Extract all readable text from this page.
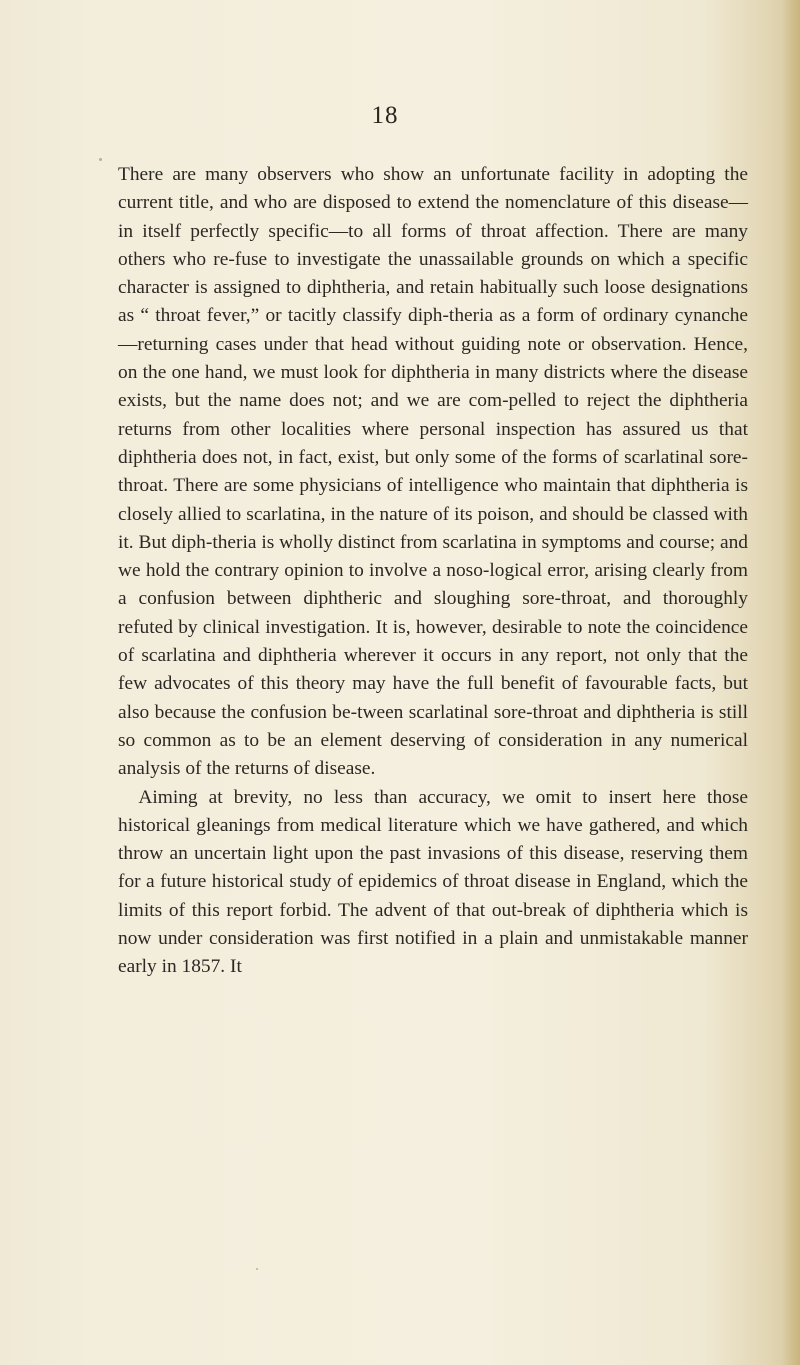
18

There are many observers who show an unfortunate facility in adopting the current title, and who are disposed to extend the nomenclature of this disease—in itself perfectly specific—to all forms of throat affection. There are many others who re-fuse to investigate the unassailable grounds on which a specific character is assigned to diphtheria, and retain habitually such loose designations as “ throat fever,” or tacitly classify diph-theria as a form of ordinary cynanche—returning cases under that head without guiding note or observation. Hence, on the one hand, we must look for diphtheria in many districts where the disease exists, but the name does not; and we are com-pelled to reject the diphtheria returns from other localities where personal inspection has assured us that diphtheria does not, in fact, exist, but only some of the forms of scarlatinal sore-throat. There are some physicians of intelligence who maintain that diphtheria is closely allied to scarlatina, in the nature of its poison, and should be classed with it. But diph-theria is wholly distinct from scarlatina in symptoms and course; and we hold the contrary opinion to involve a noso-logical error, arising clearly from a confusion between diphtheric and sloughing sore-throat, and thoroughly refuted by clinical investigation. It is, however, desirable to note the coincidence of scarlatina and diphtheria wherever it occurs in any report, not only that the few advocates of this theory may have the full benefit of favourable facts, but also because the confusion be-tween scarlatinal sore-throat and diphtheria is still so common as to be an element deserving of consideration in any numerical analysis of the returns of disease.

Aiming at brevity, no less than accuracy, we omit to insert here those historical gleanings from medical literature which we have gathered, and which throw an uncertain light upon the past invasions of this disease, reserving them for a future historical study of epidemics of throat disease in England, which the limits of this report forbid. The advent of that out-break of diphtheria which is now under consideration was first notified in a plain and unmistakable manner early in 1857. It
